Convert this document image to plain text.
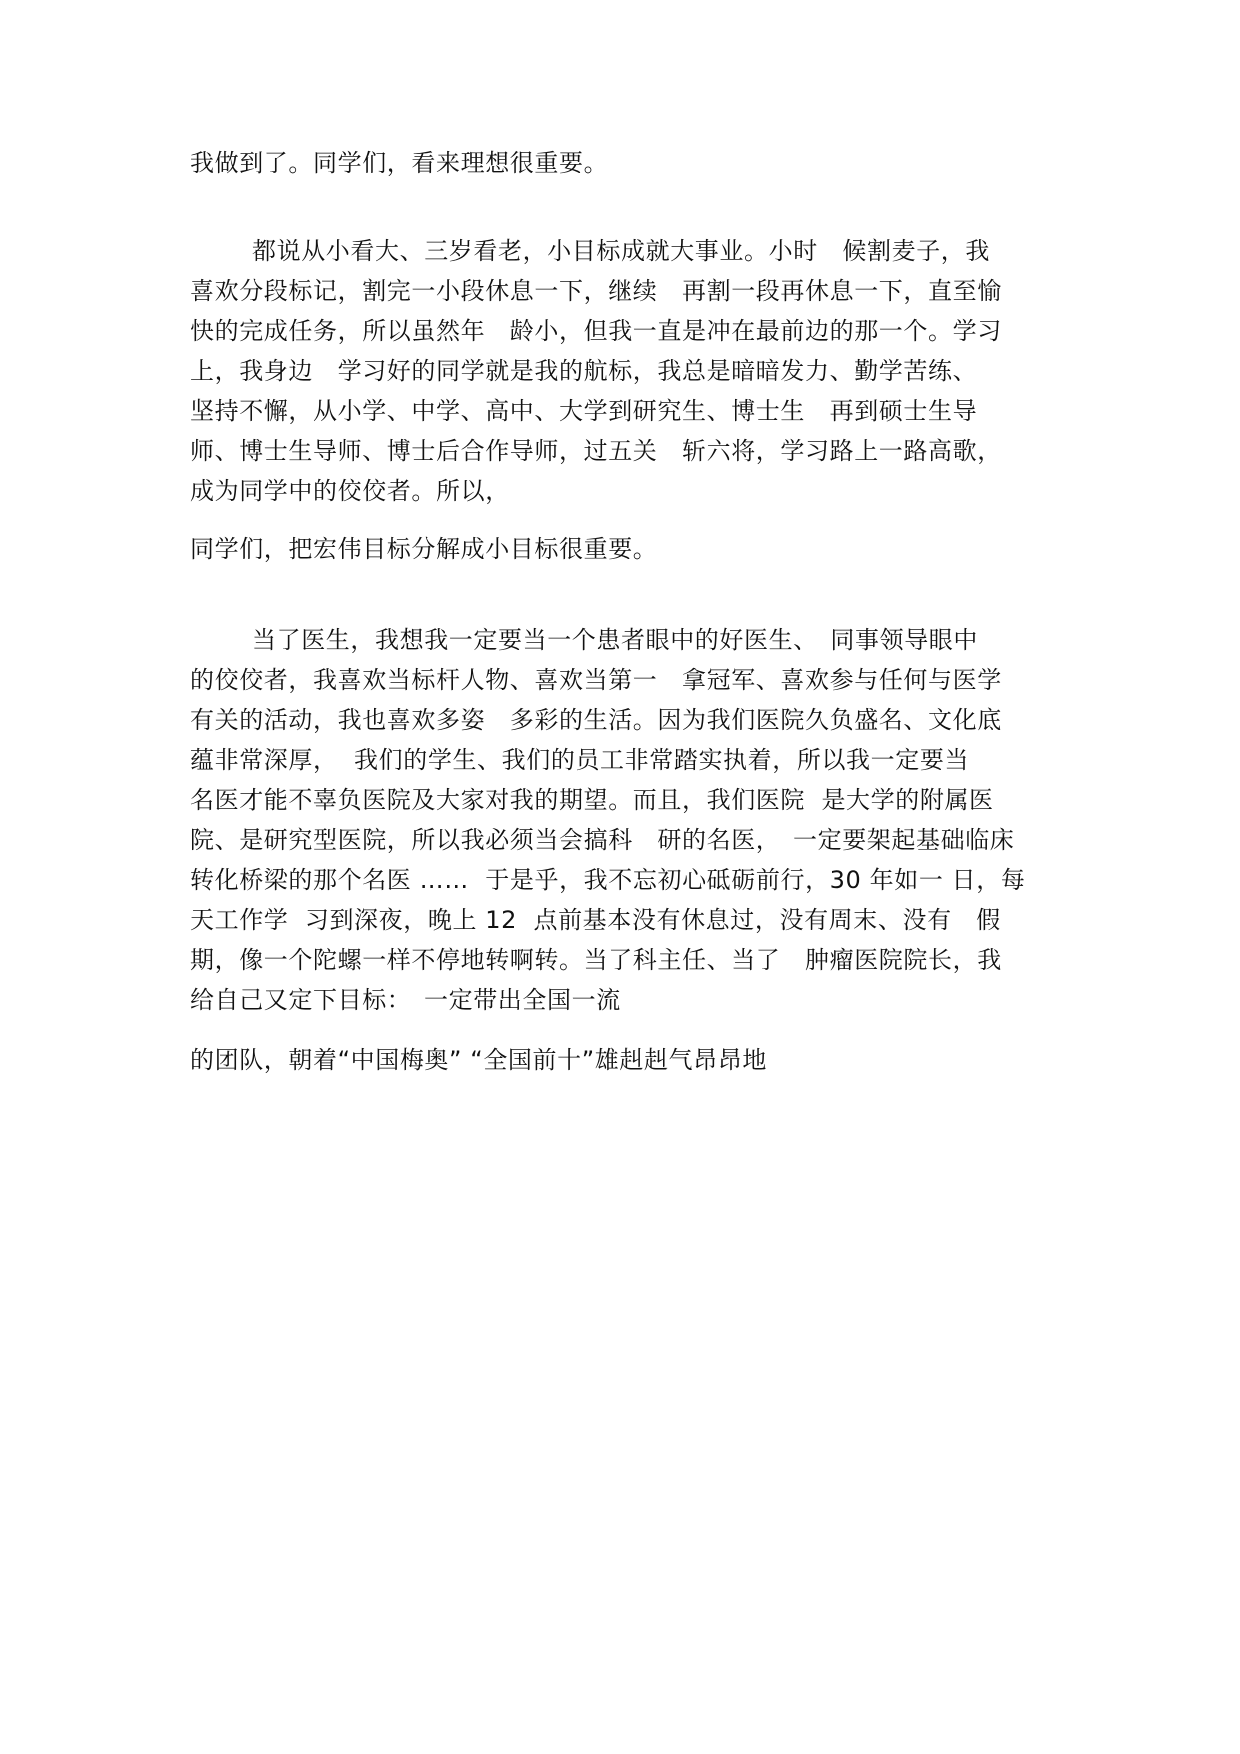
我做到了。同学们，看来理想很重要。
都说从小看大、三岁看老，小目标成就大事业。小时　候割麦子，我
喜欢分段标记，割完一小段休息一下，继续　再割一段再休息一下，直至愉
快的完成任务，所以虽然年　龄小，但我一直是冲在最前边的那一个。学习
上，我身边　学习好的同学就是我的航标，我总是暗暗发力、勤学苦练、
坚持不懈，从小学、中学、高中、大学到研究生、博士生　再到硕士生导
师、博士生导师、博士后合作导师，过五关　斩六将，学习路上一路高歌，
成为同学中的佼佼者。所以，
同学们，把宏伟目标分解成小目标很重要。
当了医生，我想我一定要当一个患者眼中的好医生、　同事领导眼中
的佼佼者，我喜欢当标杆人物、喜欢当第一　拿冠军、喜欢参与任何与医学
有关的活动，我也喜欢多姿　多彩的生活。因为我们医院久负盛名、文化底
蕴非常深厚，  我们的学生、我们的员工非常踏实执着，所以我一定要当
名医才能不辜负医院及大家对我的期望。而且，我们医院  是大学的附属医
院、是研究型医院，所以我必须当会搞科　研的名医，　一定要架起基础临床
转化桥梁的那个名医 ……  于是乎，我不忘初心砥砺前行，30 年如一 日，每
天工作学  习到深夜，晚上 12  点前基本没有休息过，没有周末、没有　假
期，像一个陀螺一样不停地转啊转。当了科主任、当了　肿瘤医院院长，我
给自己又定下目标：　一定带出全国一流
的团队，朝着“中国梅奥” “全国前十”雄赳赳气昂昂地
